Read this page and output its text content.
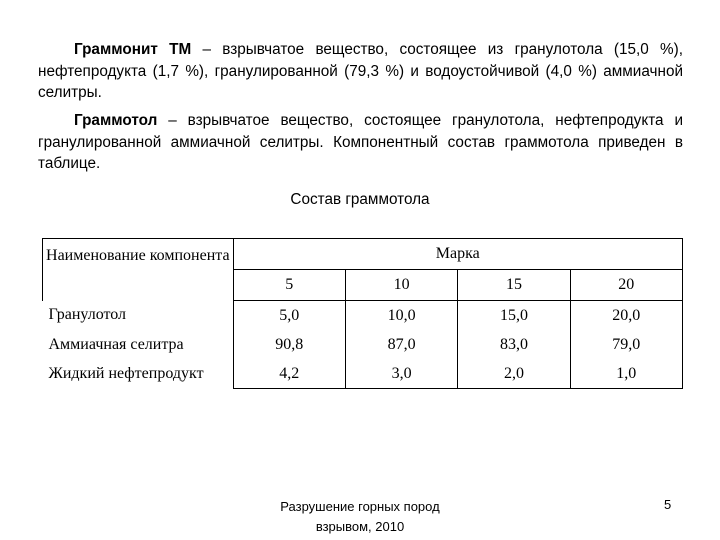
Граммонит ТМ – взрывчатое вещество, состоящее из гранулотола (15,0 %), нефтепродукта (1,7 %), гранулированной (79,3 %) и водоустойчивой (4,0 %) аммиачной селитры.

Граммотол – взрывчатое вещество, состоящее гранулотола, нефтепродукта и гранулированной аммиачной селитры. Компонентный состав граммотола приведен в таблице.

Состав граммотола
Наименование компонента	Марка			
	5	10	15	20
Гранулотол	5,0	10,0	15,0	20,0
Аммиачная селитра	90,8	87,0	83,0	79,0
Жидкий нефтепродукт	4,2	3,0	2,0	1,0
Разрушение горных пород
взрывом, 2010
5
